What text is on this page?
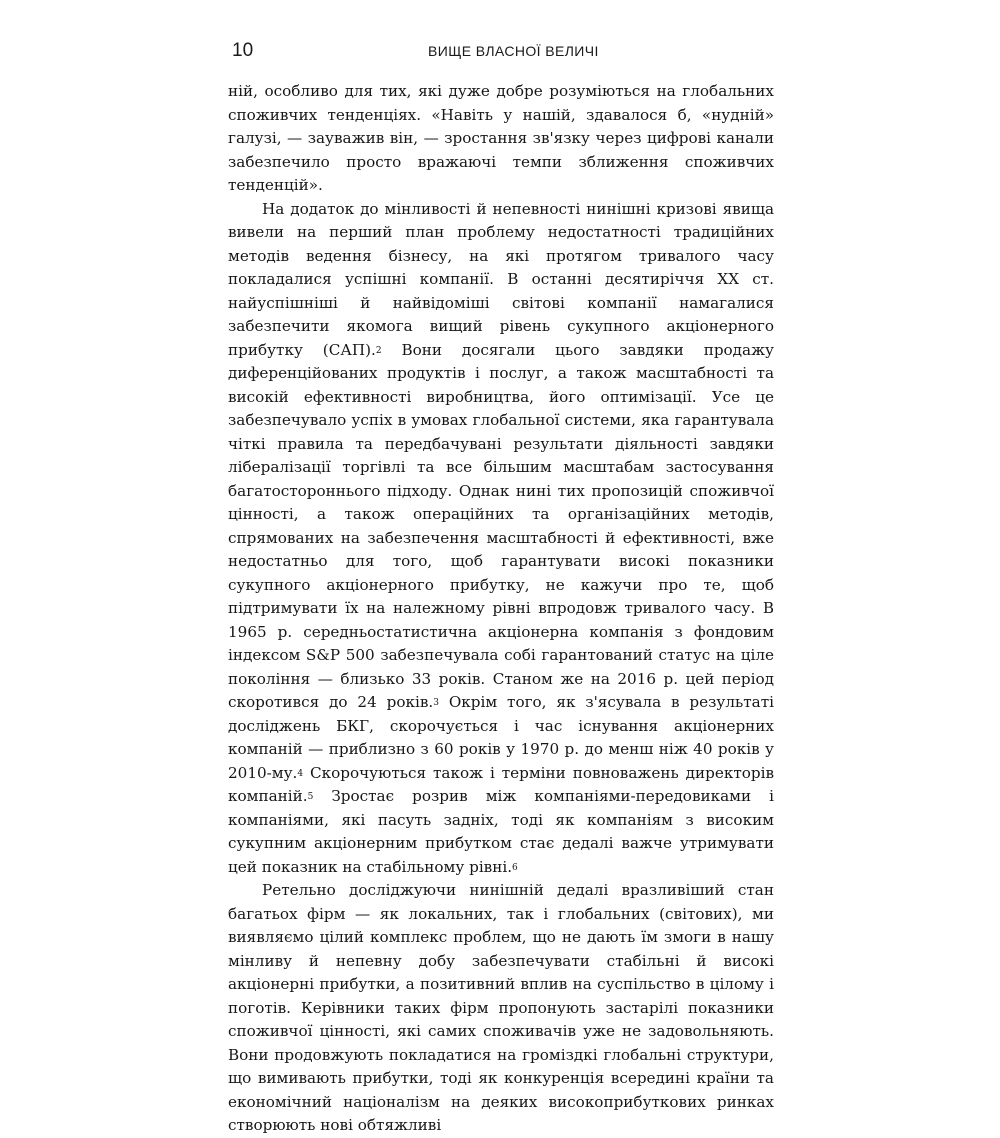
10	ВИЩЕ ВЛАСНОЇ ВЕЛИЧІ

ній, особливо для тих, які дуже добре розуміються на глобальних споживчих тенденціях. «Навіть у нашій, здавалося б, «нудній» галузі, — зауважив він, — зростання зв'язку через цифрові канали забезпечило просто вражаючі темпи зближення споживчих тенденцій».

На додаток до мінливості й непевності нинішні кризові явища вивели на перший план проблему недостатності традиційних методів ведення бізнесу, на які протягом тривалого часу покладалися успішні компанії. В останні десятиріччя XX ст. найуспішніші й найвідоміші світові компанії намагалися забезпечити якомога вищий рівень сукупного акціонерного прибутку (САП).$^2$ Вони досягали цього завдяки продажу диференційованих продуктів і послуг, а також масштабності та високій ефективності виробництва, його оптимізації. Усе це забезпечувало успіх в умовах глобальної системи, яка гарантувала чіткі правила та передбачувані результати діяльності завдяки лібералізації торгівлі та все більшим масштабам застосування багатостороннього підходу. Однак нині тих пропозицій споживчої цінності, а також операційних та організаційних методів, спрямованих на забезпечення масштабності й ефективності, вже недостатньо для того, щоб гарантувати високі показники сукупного акціонерного прибутку, не кажучи про те, щоб підтримувати їх на належному рівні впродовж тривалого часу. В 1965 р. середньостатистична акціонерна компанія з фондовим індексом S&P 500 забезпечувала собі гарантований статус на ціле покоління — близько 33 років. Станом же на 2016 р. цей період скоротився до 24 років.$^3$ Окрім того, як з'ясувала в результаті досліджень БКГ, скорочується і час існування акціонерних компаній — приблизно з 60 років у 1970 р. до менш ніж 40 років у 2010-му.$^4$ Скорочуються також і терміни повноважень директорів компаній.$^5$ Зростає розрив між компаніями-передовиками і компаніями, які пасуть задніх, тоді як компаніям з високим сукупним акціонерним прибутком стає дедалі важче утримувати цей показник на стабільному рівні.$^6$

Ретельно досліджуючи нинішній дедалі вразливіший стан багатьох фірм — як локальних, так і глобальних (світових), ми виявляємо цілий комплекс проблем, що не дають їм змоги в нашу мінливу й непевну добу забезпечувати стабільні й високі акціонерні прибутки, а позитивний вплив на суспільство в цілому і поготів. Керівники таких фірм пропонують застарілі показники споживчої цінності, які самих споживачів уже не задовольняють. Вони продовжують покладатися на громіздкі глобальні структури, що вимивають прибутки, тоді як конкуренція всередині країни та економічний націоналізм на деяких високоприбуткових ринках створюють нові обтяжливі
